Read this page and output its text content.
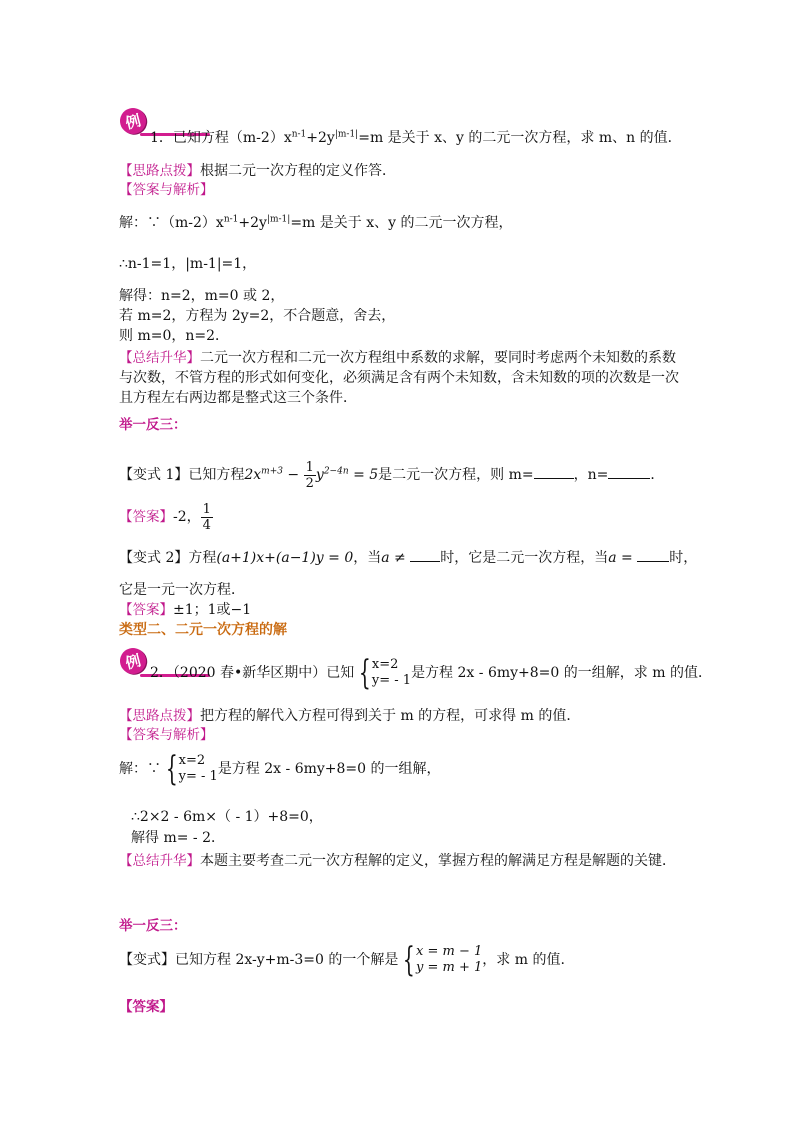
例
1．已知方程$(m-2)x^{n-1}+2y^{|m-1|}=m$ 是关于 x、y 的二元一次方程，求 m、n 的值．
【思路点拨】根据二元一次方程的定义作答．
【答案与解析】
解：$\because(m-2)x^{n-1}+2y^{|m-1|}=m$ 是关于 x、y 的二元一次方程，
∴n-1=1，|m-1|=1，
解得：n=2，m=0 或 2，
若 m=2，方程为 2y=2，不合题意，舍去，
则 m=0，n=2．
【总结升华】二元一次方程和二元一次方程组中系数的求解，要同时考虑两个未知数的系数与次数，不管方程的形式如何变化，必须满足含有两个未知数，含未知数的项的次数是一次且方程左右两边都是整式这三个条件．
举一反三：
【变式 1】已知方程$2x^{m+3} - \frac{1}{2} y^{2-4n} = 5$是二元一次方程，则 m=	，n=	．
【答案】-2， $\frac{1}{4}$
【变式 2】方程(a+1)x+(a−1)y = 0，当a ≠ 时，它是二元一次方程，当a = 时，
它是一元一次方程．
【答案】±1；1或−1
类型二、二元一次方程的解
例
2．（2020 春•新华区期中）已知 { x=2
y= - 1 是方程 2x - 6my+8=0 的一组解，求 m 的值．
【思路点拨】把方程的解代入方程可得到关于 m 的方程，可求得 m 的值．
【答案与解析】
解：∵ { x=2
y= - 1 是方程 2x - 6my+8=0 的一组解，
∴2×2 - 6m×（ - 1）+8=0，
解得 m= - 2．
【总结升华】本题主要考查二元一次方程解的定义，掌握方程的解满足方程是解题的关键．
举一反三：
【变式】已知方程 2x-y+m-3=0 的一个解是 { x = m − 1
y = m + 1 ，求 m 的值.
【答案】
